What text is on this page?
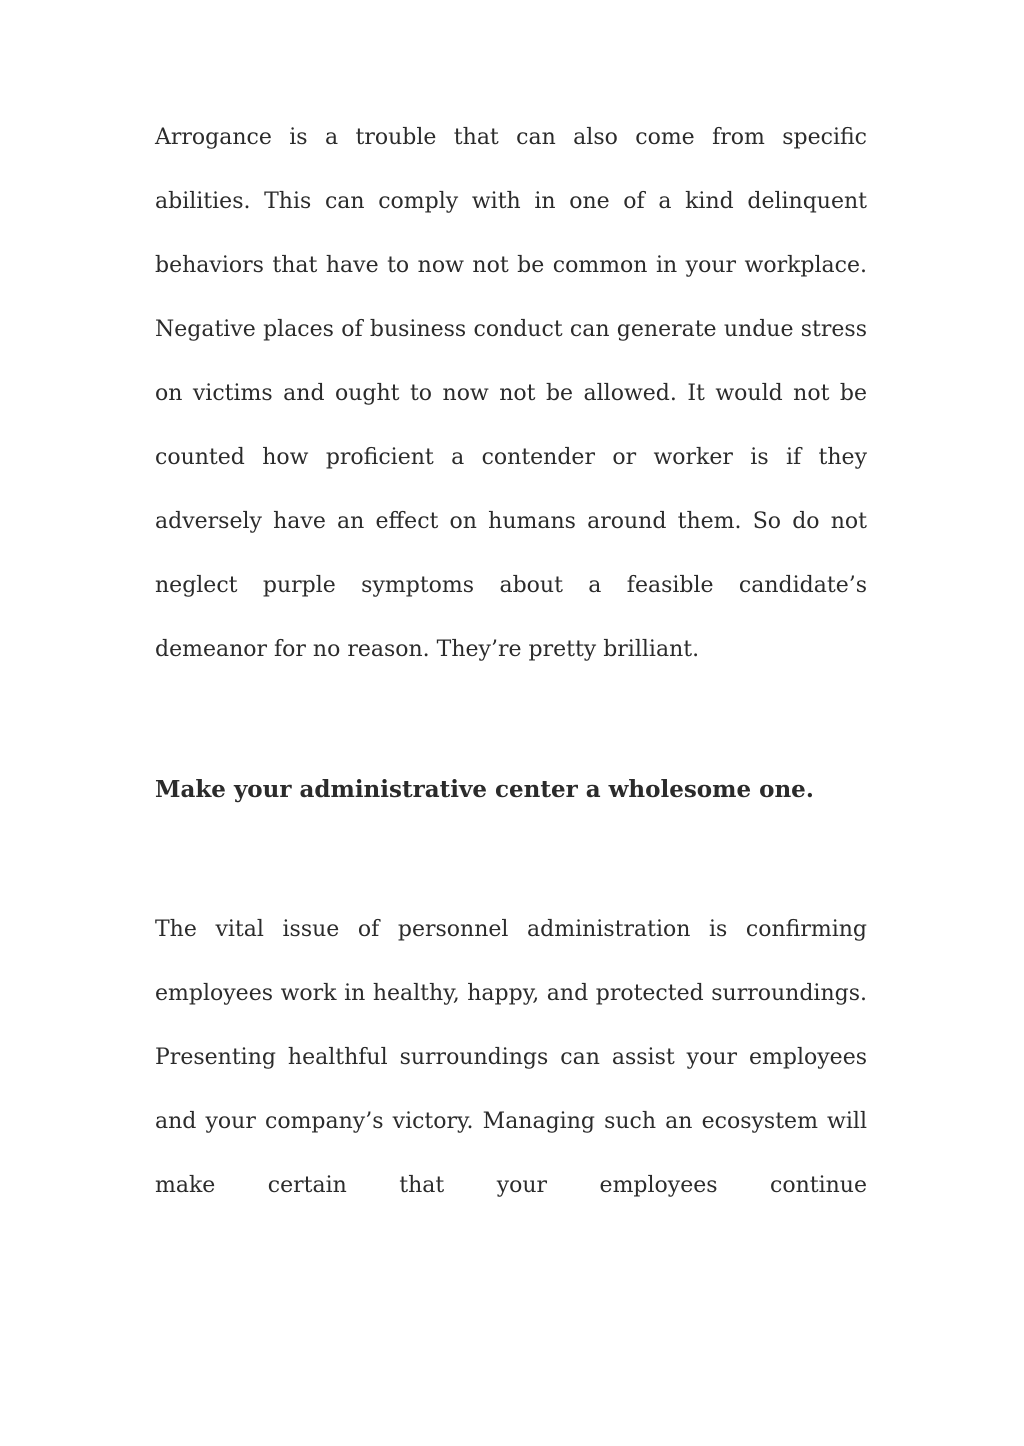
Arrogance is a trouble that can also come from specific abilities. This can comply with in one of a kind delinquent behaviors that have to now not be common in your workplace. Negative places of business conduct can generate undue stress on victims and ought to now not be allowed. It would not be counted how proficient a contender or worker is if they adversely have an effect on humans around them. So do not neglect purple symptoms about a feasible candidate’s demeanor for no reason. They’re pretty brilliant.

Make your administrative center a wholesome one.

The vital issue of personnel administration is confirming employees work in healthy, happy, and protected surroundings. Presenting healthful surroundings can assist your employees and your company’s victory. Managing such an ecosystem will make certain that your employees continue
